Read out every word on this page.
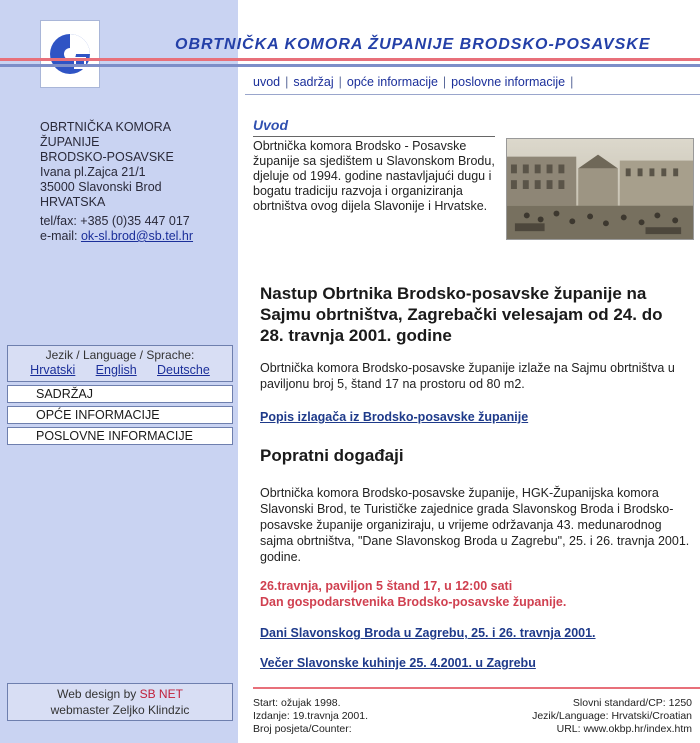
OBRTNIČKA KOMORA
ŽUPANIJE
BRODSKO-POSAVSKE
Ivana pl.Zajca 21/1
35000 Slavonski Brod
HRVATSKA
tel/fax: +385 (0)35 447 017
e-mail: ok-sl.brod@sb.tel.hr
Jezik / Language / Sprache:
Hrvatski English Deutsche
SADRŽAJ
OPĆE INFORMACIJE
POSLOVNE INFORMACIJE
Web design by SB NET
webmaster Zeljko Klindzic
OBRTNIČKA KOMORA ŽUPANIJE BRODSKO-POSAVSKE
uvod | sadržaj | opće informacije | poslovne informacije |
Uvod
Obrtnička komora Brodsko - Posavske županije sa sjedištem u Slavonskom Brodu, djeluje od 1994. godine nastavljajući dugu i bogatu tradiciju razvoja i organiziranja obrtništva ovog dijela Slavonije i Hrvatske.
Nastup Obrtnika Brodsko-posavske županije na Sajmu obrtništva, Zagrebački velesajam od 24. do 28. travnja 2001. godine
Obrtnička komora Brodsko-posavske županije izlaže na Sajmu obrtništva u paviljonu broj 5, štand 17 na prostoru od 80 m2.
Popis izlagača iz Brodsko-posavske županije
Popratni događaji
Obrtnička komora Brodsko-posavske županije, HGK-Županijska komora Slavonski Brod, te Turističke zajednice grada Slavonskog Broda i Brodsko-posavske županije organiziraju, u vrijeme održavanja 43. medunarodnog sajma obrtništva, "Dane Slavonskog Broda u Zagrebu", 25. i 26. travnja 2001. godine.
26.travnja, paviljon 5 štand 17, u 12:00 sati
Dan gospodarstvenika Brodsko-posavske županije.
Dani Slavonskog Broda u Zagrebu, 25. i 26. travnja 2001.
Večer Slavonske kuhinje 25. 4.2001. u Zagrebu
Start: ožujak 1998.
Izdanje: 19.travnja 2001.
Broj posjeta/Counter:
Slovni standard/CP: 1250
Jezik/Language: Hrvatski/Croatian
URL: www.okbp.hr/index.htm
